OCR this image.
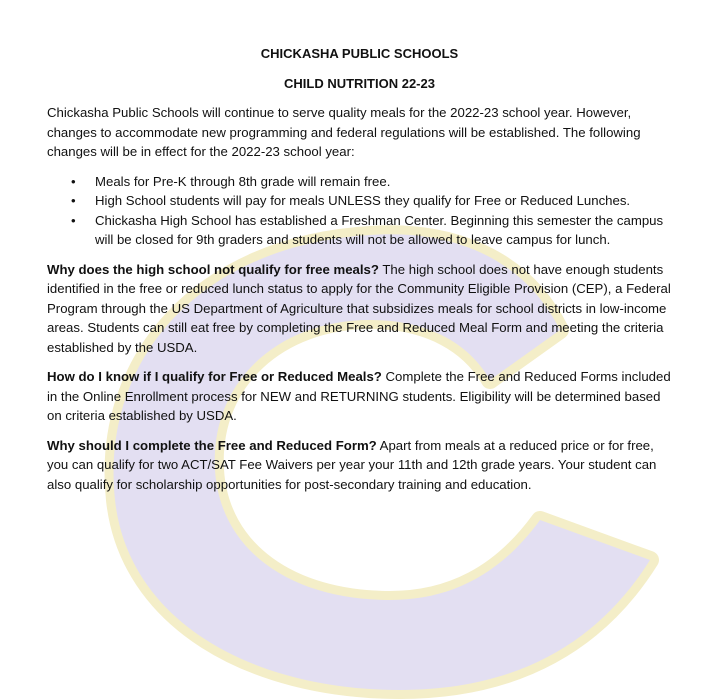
CHICKASHA PUBLIC SCHOOLS
CHILD NUTRITION 22-23

Chickasha Public Schools will continue to serve quality meals for the 2022-23 school year. However, changes to accommodate new programming and federal regulations will be established. The following changes will be in effect for the 2022-23 school year:

• Meals for Pre-K through 8th grade will remain free.
• High School students will pay for meals UNLESS they qualify for Free or Reduced Lunches.
• Chickasha High School has established a Freshman Center. Beginning this semester the campus will be closed for 9th graders and students will not be allowed to leave campus for lunch.

Why does the high school not qualify for free meals? The high school does not have enough students identified in the free or reduced lunch status to apply for the Community Eligible Provision (CEP), a Federal Program through the US Department of Agriculture that subsidizes meals for school districts in low-income areas. Students can still eat free by completing the Free and Reduced Meal Form and meeting the criteria established by the USDA.

How do I know if I qualify for Free or Reduced Meals? Complete the Free and Reduced Forms included in the Online Enrollment process for NEW and RETURNING students. Eligibility will be determined based on criteria established by USDA.

Why should I complete the Free and Reduced Form? Apart from meals at a reduced price or for free, you can qualify for two ACT/SAT Fee Waivers per year your 11th and 12th grade years. Your student can also qualify for scholarship opportunities for post-secondary training and education.
